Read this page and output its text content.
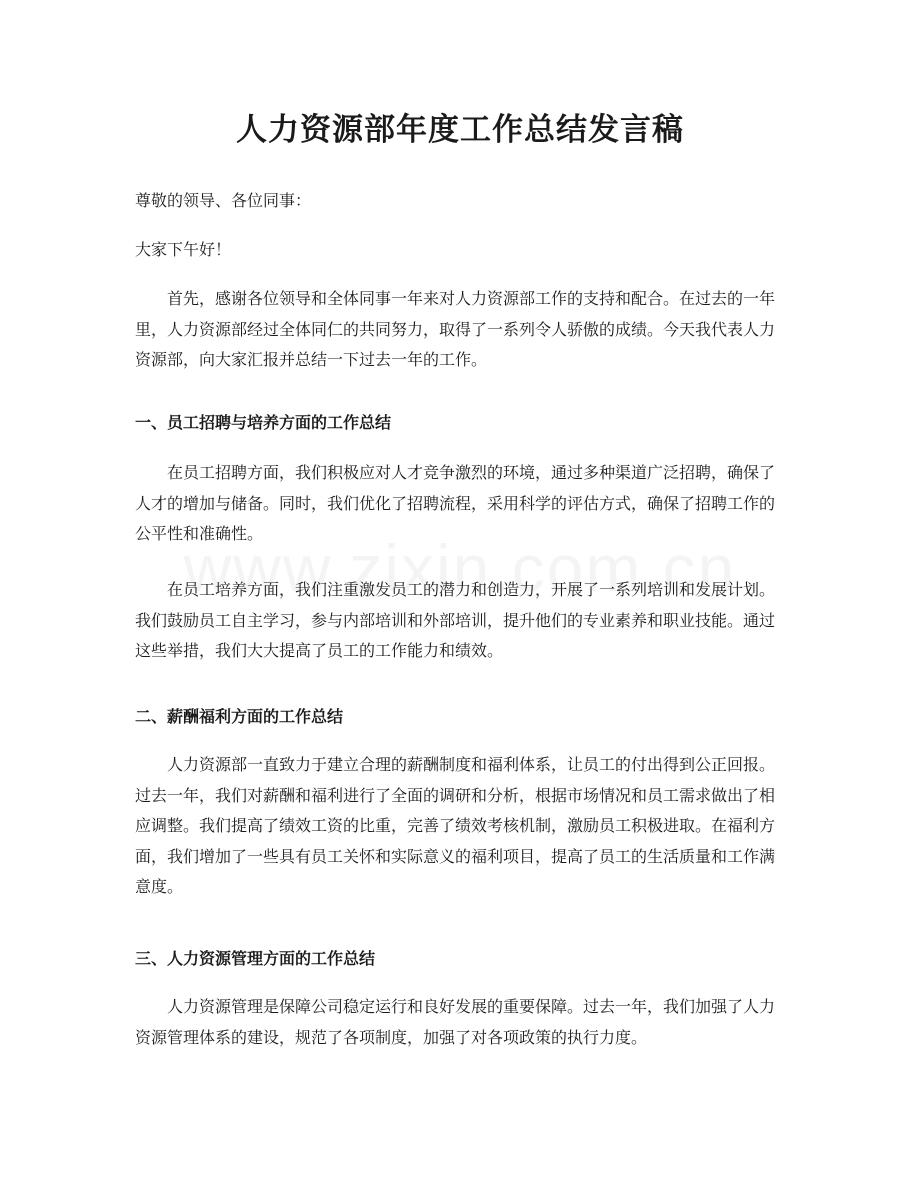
人力资源部年度工作总结发言稿

尊敬的领导、各位同事：

大家下午好！

首先，感谢各位领导和全体同事一年来对人力资源部工作的支持和配合。在过去的一年里，人力资源部经过全体同仁的共同努力，取得了一系列令人骄傲的成绩。今天我代表人力资源部，向大家汇报并总结一下过去一年的工作。

一、员工招聘与培养方面的工作总结

在员工招聘方面，我们积极应对人才竞争激烈的环境，通过多种渠道广泛招聘，确保了人才的增加与储备。同时，我们优化了招聘流程，采用科学的评估方式，确保了招聘工作的公平性和准确性。

在员工培养方面，我们注重激发员工的潜力和创造力，开展了一系列培训和发展计划。我们鼓励员工自主学习，参与内部培训和外部培训，提升他们的专业素养和职业技能。通过这些举措，我们大大提高了员工的工作能力和绩效。

二、薪酬福利方面的工作总结

人力资源部一直致力于建立合理的薪酬制度和福利体系，让员工的付出得到公正回报。过去一年，我们对薪酬和福利进行了全面的调研和分析，根据市场情况和员工需求做出了相应调整。我们提高了绩效工资的比重，完善了绩效考核机制，激励员工积极进取。在福利方面，我们增加了一些具有员工关怀和实际意义的福利项目，提高了员工的生活质量和工作满意度。

三、人力资源管理方面的工作总结

人力资源管理是保障公司稳定运行和良好发展的重要保障。过去一年，我们加强了人力资源管理体系的建设，规范了各项制度，加强了对各项政策的执行力度。
